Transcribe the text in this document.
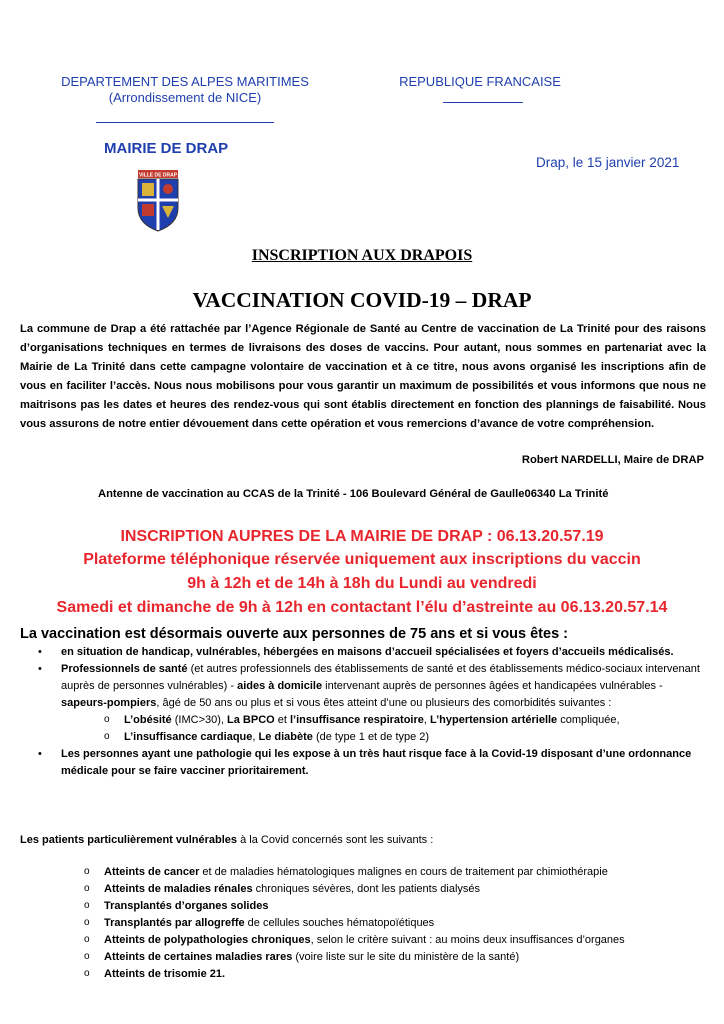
DEPARTEMENT DES ALPES MARITIMES
(Arrondissement de NICE)
REPUBLIQUE FRANCAISE
MAIRIE DE DRAP
Drap, le 15 janvier 2021
VILLE DE DRAP
INSCRIPTION AUX DRAPOIS
VACCINATION COVID-19 – DRAP
La commune de Drap a été rattachée par l’Agence Régionale de Santé au Centre de vaccination de La Trinité pour des raisons d’organisations techniques en termes de livraisons des doses de vaccins. Pour autant, nous sommes en partenariat avec la Mairie de La Trinité dans cette campagne volontaire de vaccination et à ce titre, nous avons organisé les inscriptions afin de vous en faciliter l’accès. Nous nous mobilisons pour vous garantir un maximum de possibilités et vous informons que nous ne maitrisons pas les dates et heures des rendez-vous qui sont établis directement en fonction des plannings de faisabilité. Nous vous assurons de notre entier dévouement dans cette opération et vous remercions d’avance de votre compréhension.
Robert NARDELLI, Maire de DRAP
Antenne de vaccination au CCAS de la Trinité - 106 Boulevard Général de Gaulle06340 La Trinité
INSCRIPTION AUPRES DE LA MAIRIE DE DRAP : 06.13.20.57.19
Plateforme téléphonique réservée uniquement aux inscriptions du vaccin
9h à 12h et de 14h à 18h du Lundi au vendredi
Samedi et dimanche de 9h à 12h en contactant l’élu d’astreinte au 06.13.20.57.14
La vaccination est désormais ouverte aux personnes de 75 ans et si vous êtes :
• en situation de handicap, vulnérables, hébergées en maisons d’accueil spécialisées et foyers d’accueils médicalisés.
• Professionnels de santé (et autres professionnels des établissements de santé et des établissements médico-sociaux intervenant auprès de personnes vulnérables) - aides à domicile intervenant auprès de personnes âgées et handicapées vulnérables - sapeurs-pompiers, âgé de 50 ans ou plus et si vous êtes atteint d’une ou plusieurs des comorbidités suivantes :
o L’obésité (IMC>30), La BPCO et l’insuffisance respiratoire, L’hypertension artérielle compliquée,
o L’insuffisance cardiaque, Le diabète (de type 1 et de type 2)
• Les personnes ayant une pathologie qui les expose à un très haut risque face à la Covid-19 disposant d’une ordonnance médicale pour se faire vacciner prioritairement.
Les patients particulièrement vulnérables à la Covid concernés sont les suivants :
o Atteints de cancer et de maladies hématologiques malignes en cours de traitement par chimiothérapie
o Atteints de maladies rénales chroniques sévères, dont les patients dialysés
o Transplantés d’organes solides
o Transplantés par allogreffe de cellules souches hématopoïétiques
o Atteints de polypathologies chroniques, selon le critère suivant : au moins deux insuffisances d’organes
o Atteints de certaines maladies rares (voire liste sur le site du ministère de la santé)
o Atteints de trisomie 21.
